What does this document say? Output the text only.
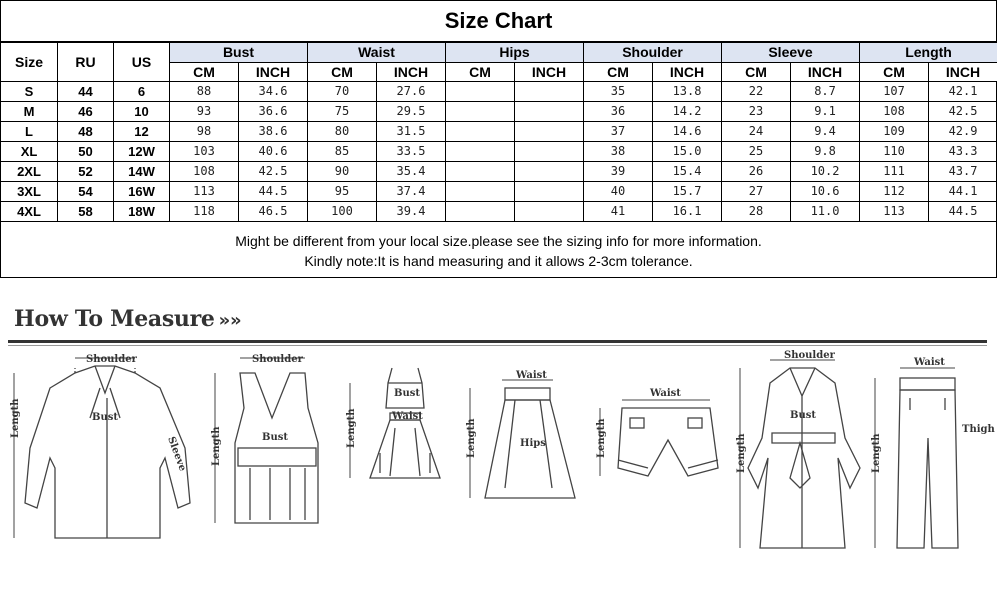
Size Chart
Size	RU	US	Bust		Waist		Hips		Shoulder		Sleeve		Length	
			CM	INCH	CM	INCH	CM	INCH	CM	INCH	CM	INCH	CM	INCH
S	44	6	88	34.6	70	27.6			35	13.8	22	8.7	107	42.1
M	46	10	93	36.6	75	29.5			36	14.2	23	9.1	108	42.5
L	48	12	98	38.6	80	31.5			37	14.6	24	9.4	109	42.9
XL	50	12W	103	40.6	85	33.5			38	15.0	25	9.8	110	43.3
2XL	52	14W	108	42.5	90	35.4			39	15.4	26	10.2	111	43.7
3XL	54	16W	113	44.5	95	37.4			40	15.7	27	10.6	112	44.1
4XL	58	18W	118	46.5	100	39.4			41	16.1	28	11.0	113	44.5
Might be different from your local size.please see the sizing info for more information.
Kindly note:It is hand measuring and it allows 2-3cm tolerance.
How To Measure »»
Shoulder
Bust
Sleeve
Length
Shoulder
Bust
Length
Bust
Waist
Length
Waist
Hips
Length
Waist
Length
Shoulder
Bust
Length
Waist
Thigh
Length
